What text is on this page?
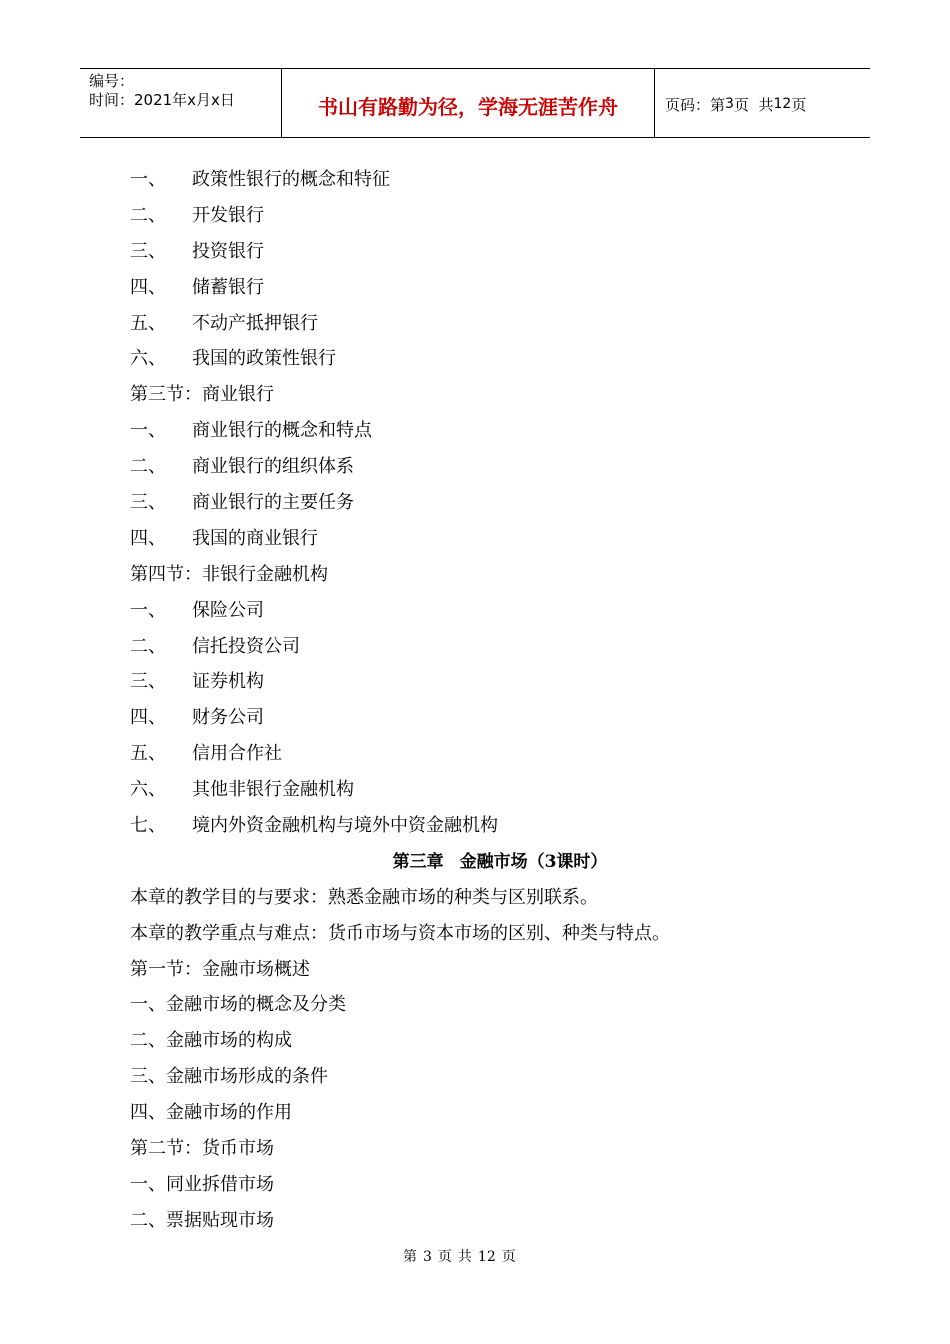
编号：
时间：2021年x月x日	书山有路勤为径，学海无涯苦作舟	页码：第 3 页  共 12 页
一、 政策性银行的概念和特征
二、 开发银行
三、 投资银行
四、 储蓄银行
五、 不动产抵押银行
六、 我国的政策性银行
第三节：商业银行
一、 商业银行的概念和特点
二、 商业银行的组织体系
三、 商业银行的主要任务
四、 我国的商业银行
第四节：非银行金融机构
一、 保险公司
二、 信托投资公司
三、 证券机构
四、 财务公司
五、 信用合作社
六、 其他非银行金融机构
七、 境内外资金融机构与境外中资金融机构
第三章 金融市场（3课时）
本章的教学目的与要求：熟悉金融市场的种类与区别联系。
本章的教学重点与难点：货币市场与资本市场的区别、种类与特点。
第一节：金融市场概述
一、金融市场的概念及分类
二、金融市场的构成
三、金融市场形成的条件
四、金融市场的作用
第二节：货币市场
一、同业拆借市场
二、票据贴现市场
第 3 页 共 12 页
